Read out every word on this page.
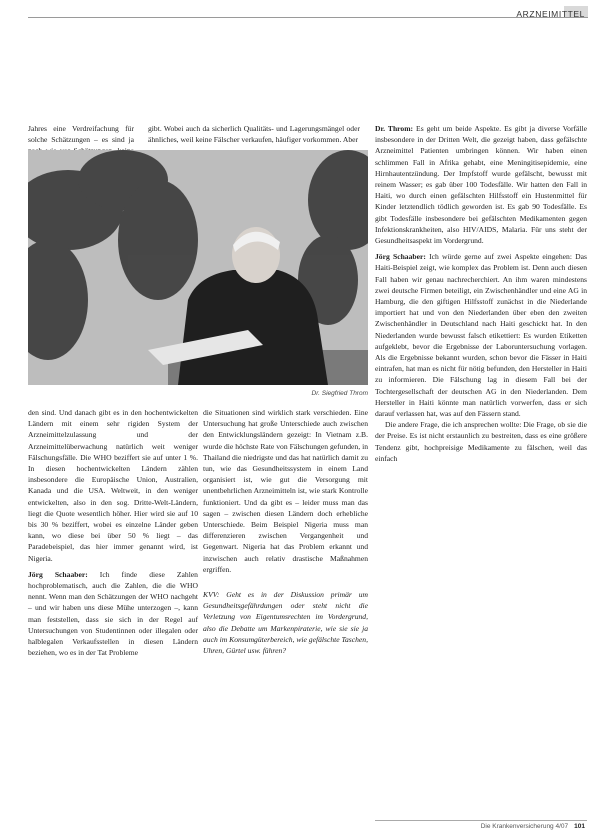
ARZNEIMITTEL

Jahres eine Verdreifachung für solche Schätzungen – es sind ja

gibt. Wobei auch da sicherlich Qualitäts- und Lagerungsmängel oder ähnliches, weil keine Fälscher verkaufen, häufiger vorkommen. Aber

Dr. Siegfried Throm

Dr. Throm: Es geht um beide Aspekte. Es gibt ja diverse Vorfälle insbesondere in der Dritten Welt, die gezeigt haben, dass gefälschte Arzneimittel Patienten umbringen können. Wir haben einen schlimmen Fall in Afrika gehabt, eine Meningitisepidemie, eine Hirnhautentzündung. Der Impfstoff wurde gefälscht, bewusst mit reinem Wasser; es gab über 100 Todesfälle. Wir hatten den Fall in Haiti, wo durch einen gefälschten Hilfsstoff ein Hustenmittel für Kinder letztendlich tödlich geworden ist. Es gab 90 Todesfälle. Es gibt Todesfälle insbesondere bei gefälschten Medikamenten gegen Infektionskrankheiten, also HIV/AIDS, Malaria. Für uns steht der Gesundheitsaspekt im Vordergrund.

Jörg Schaaber: Ich würde gerne auf zwei Aspekte eingehen: Das Haiti-Beispiel zeigt, wie komplex das Problem ist. Denn auch diesen Fall haben wir genau nachrecherchiert. An ihm waren mindestens zwei deutsche Firmen beteiligt, ein Zwischenhändler und eine AG in Hamburg, die den giftigen Hilfsstoff zunächst in die Niederlande importiert hat und von den Niederlanden über eben den zweiten Zwischenhändler in Deutschland nach Haiti geschickt hat. In den Niederlanden wurde bewusst falsch etikettiert: Es wurden Etiketten aufgeklebt, bevor die Ergebnisse der Laboruntersuchung vorlagen. Als die Ergebnisse bekannt wurden, schon bevor die Fässer in Haiti eintrafen, hat man es nicht für nötig befunden, den Hersteller in Haiti zu informieren. Die Fälschung lag in diesem Fall bei der Tochtergesellschaft der deutschen AG in den Niederlanden. Dem Hersteller in Haiti könnte man natürlich vorwerfen, dass er sich darauf verlassen hat, was auf den Fässern stand.

Die andere Frage, die ich ansprechen wollte: Die Frage, ob sie die der Preise. Es ist nicht erstaunlich zu bestreiten, dass es eine größere Tendenz gibt, hochpreisige Medikamente zu fälschen, weil das einfach

den sind. Und danach gibt es in den hochentwickelten Ländern mit einem sehr rigiden System der Arzneimittelzulassung und der Arzneimittelüberwachung natürlich weit weniger Fälschungsfälle. Die WHO beziffert sie auf unter 1 %. In diesen hochentwickelten Ländern zählen insbesondere die Europäische Union, Australien, Kanada und die USA. Weltweit, in den weniger entwickelten, also in den sog. Dritte-Welt-Ländern, liegt die Quote wesentlich höher. Hier wird sie auf 10 bis 30 % beziffert, wobei es einzelne Länder geben kann, wo diese bei über 50 % liegt – das Paradebeispiel, das hier immer genannt wird, ist Nigeria.

Jörg Schaaber: Ich finde diese Zahlen hochproblematisch, auch die Zahlen, die die WHO nennt. Wenn man den Schätzungen der WHO nachgeht – und wir haben uns diese Mühe unterzogen –, kann man feststellen, dass sie sich in der Regel auf Untersuchungen von Studentinnen oder illegalen oder halblegalen Verkaufsstellen in diesen Ländern beziehen, wo es in der Tat Probleme

die Situationen sind wirklich stark verschieden. Eine Untersuchung hat große Unterschiede auch zwischen den Entwicklungsländern gezeigt: In Vietnam z.B. wurde die höchste Rate von Fälschungen gefunden, in Thailand die niedrigste und das hat natürlich damit zu tun, wie das Gesundheitssystem in einem Land organisiert ist, wie gut die Versorgung mit unentbehrlichen Arzneimitteln ist, wie stark Kontrolle funktioniert. Und da gibt es – leider muss man das sagen – zwischen diesen Ländern doch erhebliche Unterschiede. Beim Beispiel Nigeria muss man differenzieren zwischen Vergangenheit und Gegenwart. Nigeria hat das Problem erkannt und inzwischen auch relativ drastische Maßnahmen ergriffen.

KVV: Geht es in der Diskussion primär um Gesundheitsgefährdungen oder steht nicht die Verletzung von Eigentumsrechten im Vordergrund, also die Debatte um Markenpiraterie, wie sie sie ja auch im Konsumgüterbereich, wie gefälschte Taschen, Uhren, Gürtel usw. führen?

Die Krankenversicherung 4/07 101
